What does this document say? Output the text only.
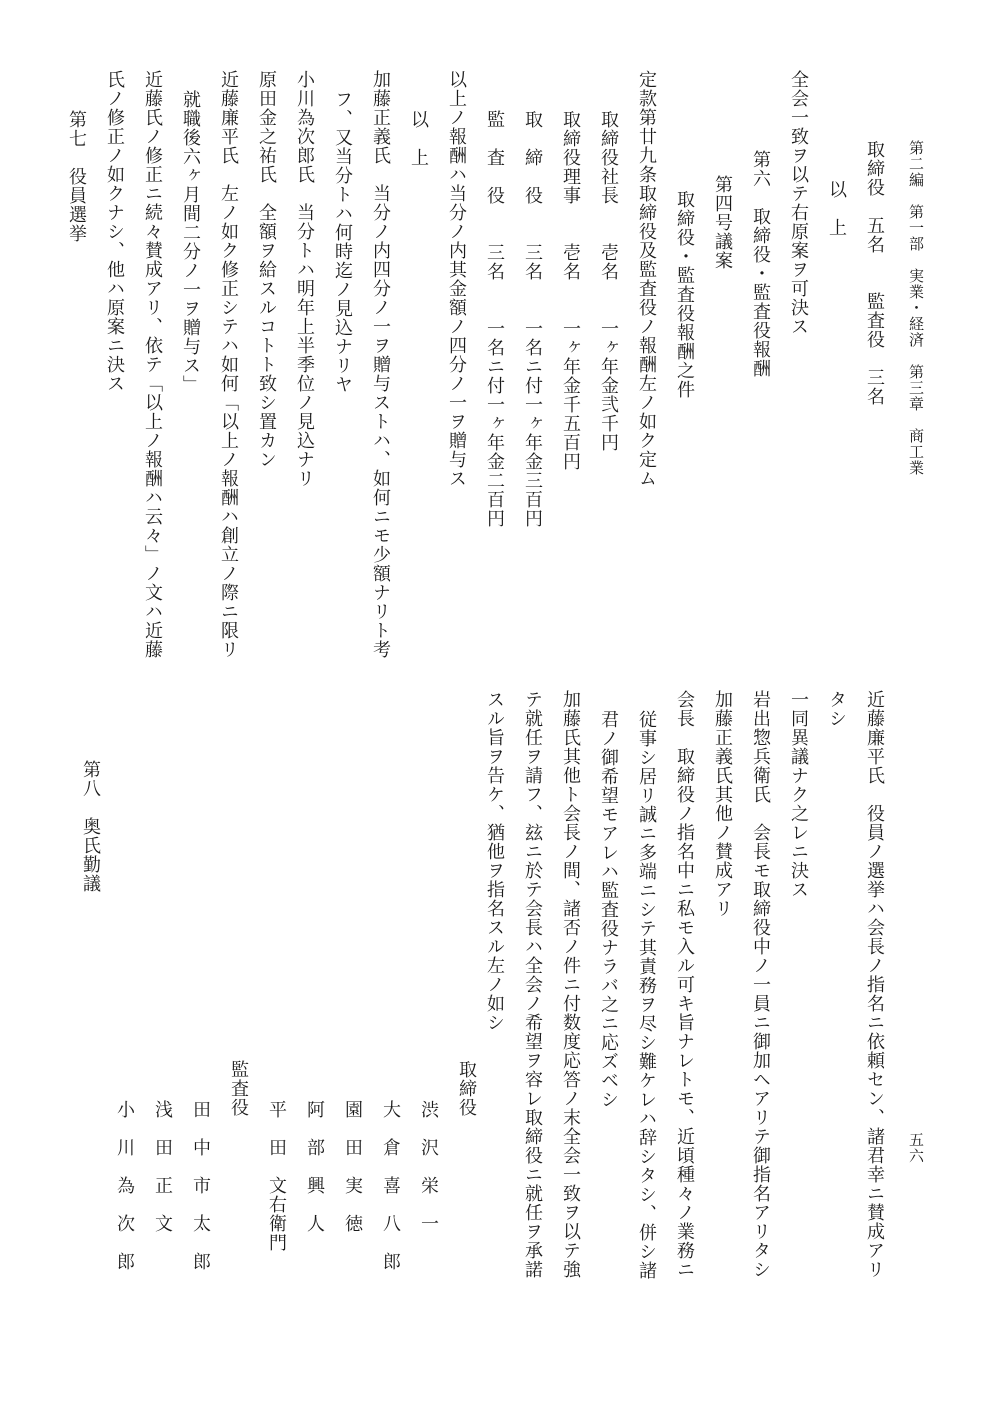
第二編　第一部　実業・経済　第三章　商工業
五六
取締役　五名　　監査役　三名
以　上
全会一致ヲ以テ右原案ヲ可決ス
第六　取締役・監査役報酬
第四号議案
取締役・監査役報酬之件
定款第廿九条取締役及監査役ノ報酬左ノ如ク定ム
取締役社長　　壱名　　一ヶ年金弐千円
取締役理事　　壱名　　一ヶ年金千五百円
取　締　役　　三名　　一名ニ付一ヶ年金三百円
監　査　役　　三名　　一名ニ付一ヶ年金二百円
以上ノ報酬ハ当分ノ内其金額ノ四分ノ一ヲ贈与ス
以　上
加藤正義氏　当分ノ内四分ノ一ヲ贈与ストハ、如何ニモ少額ナリト考
フ、又当分トハ何時迄ノ見込ナリヤ
小川為次郎氏　当分トハ明年上半季位ノ見込ナリ
原田金之祐氏　全額ヲ給スルコトト致シ置カン
近藤廉平氏　左ノ如ク修正シテハ如何「以上ノ報酬ハ創立ノ際ニ限リ
就職後六ヶ月間二分ノ一ヲ贈与ス」
近藤氏ノ修正ニ続々賛成アリ、依テ「以上ノ報酬ハ云々」ノ文ハ近藤
氏ノ修正ノ如クナシ、他ハ原案ニ決ス
第七　役員選挙
近藤廉平氏　役員ノ選挙ハ会長ノ指名ニ依頼セン、諸君幸ニ賛成アリ
タシ
一同異議ナク之レニ決ス
岩出惣兵衛氏　会長モ取締役中ノ一員ニ御加ヘアリテ御指名アリタシ
加藤正義氏其他ノ賛成アリ
会長　取締役ノ指名中ニ私モ入ル可キ旨ナレトモ、近頃種々ノ業務ニ
従事シ居リ誠ニ多端ニシテ其責務ヲ尽シ難ケレハ辞シタシ、併シ諸
君ノ御希望モアレハ監査役ナラバ之ニ応ズベシ
加藤氏其他ト会長ノ間、諸否ノ件ニ付数度応答ノ末全会一致ヲ以テ強
テ就任ヲ請フ、玆ニ於テ会長ハ全会ノ希望ヲ容レ取締役ニ就任ヲ承諾
スル旨ヲ告ケ、猶他ヲ指名スル左ノ如シ
取締役
渋　沢　栄　一
大　倉　喜　八　郎
園　田　実　徳
阿　部　興　人
平　田　文右衛門
監査役
田　中　市　太　郎
浅　田　正　文
小　川　為　次　郎
第八　奥氏勤議
